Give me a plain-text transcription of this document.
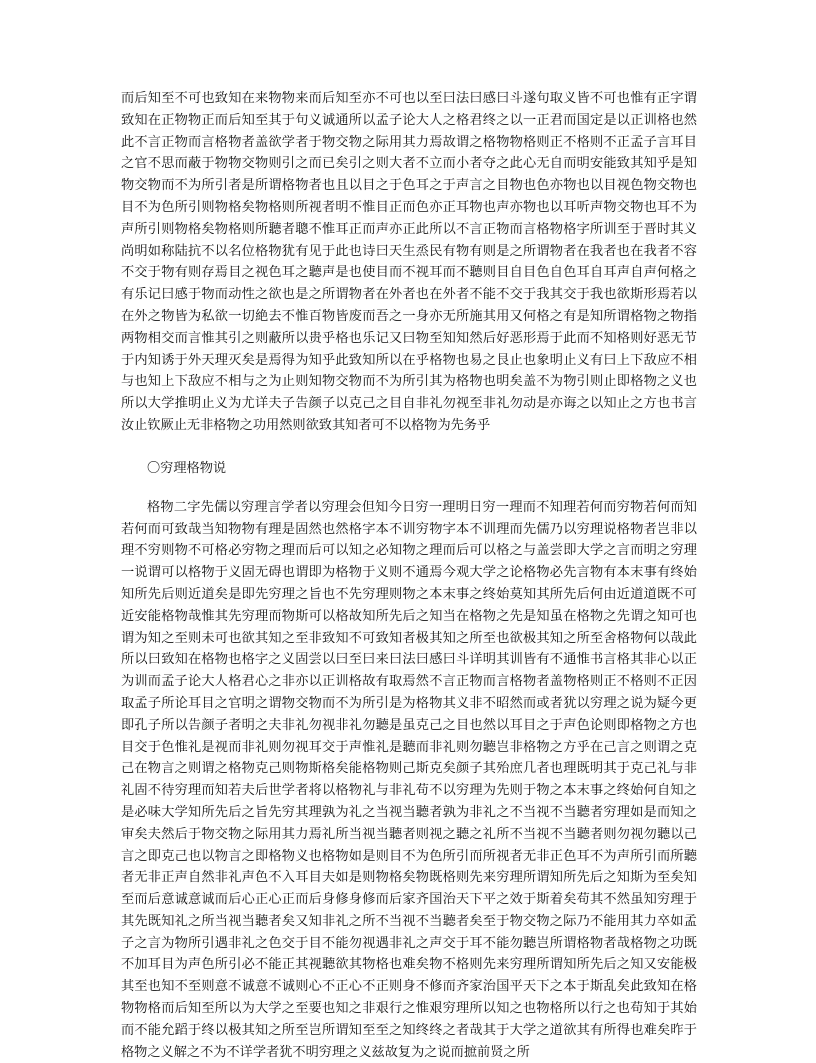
而后知至不可也致知在来物物来而后知至亦不可也以至曰法曰感曰斗遂句取义皆不可也惟有正字谓致知在正物物正而后知至其于句义诚通所以孟子论大人之格君终之以一正君而国定是以正训格也然此不言正物而言格物者盖欲学者于物交物之际用其力焉故谓之格物物格则正不格则不正孟子言耳目之官不思而蔽于物物交物则引之而已矣引之则大者不立而小者夺之此心无自而明安能致其知乎是知物交物而不为所引者是所谓格物者也且以目之于色耳之于声言之目物也色亦物也以目视色物交物也目不为色所引则物格矣物格则所视者明不惟目正而色亦正耳物也声亦物也以耳听声物交物也耳不为声所引则物格矣物格则所聽者聰不惟耳正而声亦正此所以不言正物而言格物格字所训至于晋时其义尚明如称陆抗不以名位格物犹有见于此也诗曰天生烝民有物有则是之所谓物者在我者也在我者不容不交于物有则存焉目之视色耳之聽声是也使目而不视耳而不聽则目自目色自色耳自耳声自声何格之有乐记曰感于物而动性之欲也是之所谓物者在外者也在外者不能不交于我其交于我也欲斯形焉若以在外之物皆为私欲一切絶去不惟百物皆废而吾之一身亦无所施其用又何格之有是知所谓格物之物指两物相交而言惟其引之则蔽所以贵乎格也乐记又曰物至知知然后好恶形焉于此而不知格则好恶无节于内知诱于外天理灭矣是焉得为知乎此致知所以在乎格物也易之艮止也象明止义有曰上下敌应不相与也知上下敌应不相与之为止则知物交物而不为所引其为格物也明矣盖不为物引则止即格物之义也所以大学推明止义为尤详夫子告颜子以克己之目自非礼勿视至非礼勿动是亦诲之以知止之方也书言汝止钦厥止无非格物之功用然则欲致其知者可不以格物为先务乎

〇穷理格物说

格物二字先儒以穷理言学者以穷理会但知今日穷一理明日穷一理而不知理若何而穷物若何而知若何而可致哉当知物物有理是固然也然格字本不训穷物字本不训理而先儒乃以穷理说格物者岂非以理不穷则物不可格必穷物之理而后可以知之必知物之理而后可以格之与盖尝即大学之言而明之穷理一说谓可以格物于义固无碍也谓即为格物于义则不通焉今观大学之论格物必先言物有本末事有终始知所先后则近道矣是即先穷理之旨也不先穷理则物之本末事之终始莫知其所先后何由近道道既不可近安能格物哉惟其先穷理而物斯可以格故知所先后之知当在格物之先是知虽在格物之先谓之知可也谓为知之至则未可也欲其知之至非致知不可致知者极其知之所至也欲极其知之所至舍格物何以哉此所以曰致知在格物也格字之义固尝以曰至曰来曰法曰感曰斗详明其训皆有不通惟书言格其非心以正为训而孟子论大人格君心之非亦以正训格故有取焉然不言正物而言格物者盖物格则正不格则不正因取孟子所论耳目之官明之谓物交物而不为所引是为格物其义非不昭然而或者犹以穷理之说为疑今更即孔子所以告颜子者明之夫非礼勿视非礼勿聽是虽克己之目也然以耳目之于声色论则即格物之方也目交于色惟礼是视而非礼则勿视耳交于声惟礼是聽而非礼则勿聽岂非格物之方乎在己言之则谓之克己在物言之则谓之格物克己则物斯格矣能格物则己斯克矣颜子其殆庶几者也理既明其于克己礼与非礼固不待穷理而知若夫后世学者将以格物礼与非礼苟不以穷理为先则于物之本末事之终始何自知之是必味大学知所先后之旨先穷其理孰为礼之当视当聽者孰为非礼之不当视不当聽者穷理如是而知之审矣夫然后于物交物之际用其力焉礼所当视当聽者则视之聽之礼所不当视不当聽者则勿视勿聽以己言之即克己也以物言之即格物义也格物如是则目不为色所引而所视者无非正色耳不为声所引而所聽者无非正声自然非礼声色不入耳目夫如是则物格矣物既格则先来穷理所谓知所先后之知斯为至矣知至而后意诚意诚而后心正心正而后身修身修而后家齐国治天下平之效于斯着矣苟其不然虽知穷理于其先既知礼之所当视当聽者矣又知非礼之所不当视不当聽者矣至于物交物之际乃不能用其力卒如孟子之言为物所引遇非礼之色交于目不能勿视遇非礼之声交于耳不能勿聽岂所谓格物者哉格物之功既不加耳目为声色所引必不能正其视聽欲其物格也难矣物不格则先来穷理所谓知所先后之知又安能极其至也知不至则意不诚意不诚则心不正心不正则身不修而齐家治国平天下之本于斯乱矣此致知在格物物格而后知至所以为大学之至要也知之非艰行之惟艰穷理所以知之也物格所以行之也苟知于其始而不能允蹈于终以极其知之所至岂所谓知至至之知终终之者哉其于大学之道欲其有所得也难矣昨于格物之义解之不为不详学者犹不明穷理之义兹故复为之说而摭前贤之所
